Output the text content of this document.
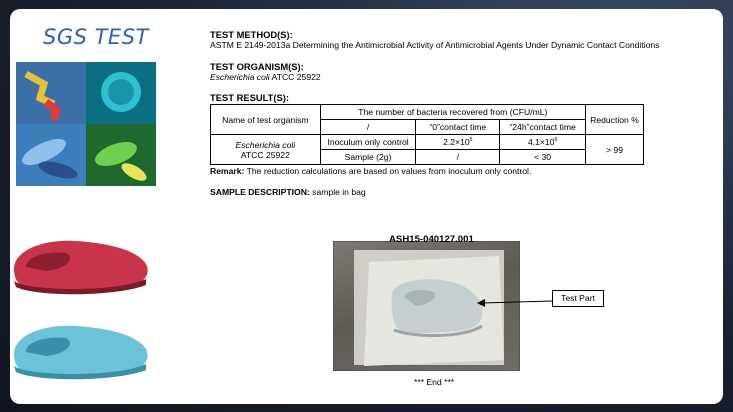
SGS TEST	TEST METHOD(S):
ASTM E 2149-2013a Determining the Antimicrobial Activity of Antimicrobial Agents Under Dynamic Contact Conditions
TEST ORGANISM(S):
Escherichia coli ATCC 25922
TEST RESULT(S):
Name of test organism	The number of bacteria recovered from (CFU/mL)			Reduction %
	/	“0”contact time	“24h”contact time	
Escherichia coli
ATCC 25922	Inoculum only control	$2.2\times 10^5$	$4.1\times 10^6$	> 99
	Sample (2g)	/	< 30	
Remark: The reduction calculations are based on values from inoculum only control.
SAMPLE DESCRIPTION: sample in bag
ASH15-040127.001
Test Part
*** End ***
